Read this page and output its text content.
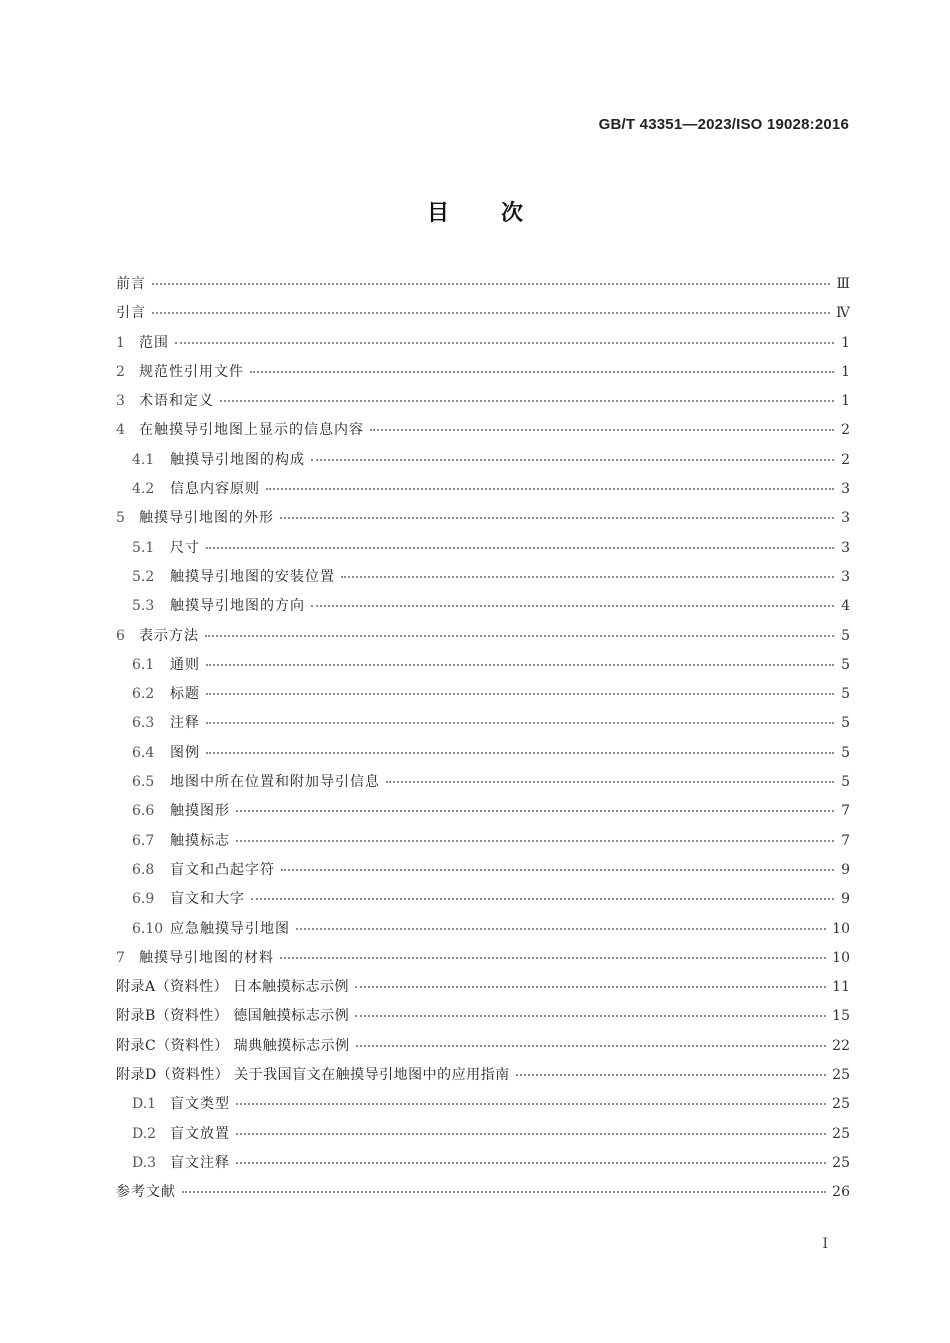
GB/T 43351—2023/ISO 19028:2016
目次
前言	Ⅲ
引言	Ⅳ
1	范围	1
2	规范性引用文件	1
3	术语和定义	1
4	在触摸导引地图上显示的信息内容	2
4.1	触摸导引地图的构成	2
4.2	信息内容原则	3
5	触摸导引地图的外形	3
5.1	尺寸	3
5.2	触摸导引地图的安装位置	3
5.3	触摸导引地图的方向	4
6	表示方法	5
6.1	通则	5
6.2	标题	5
6.3	注释	5
6.4	图例	5
6.5	地图中所在位置和附加导引信息	5
6.6	触摸图形	7
6.7	触摸标志	7
6.8	盲文和凸起字符	9
6.9	盲文和大字	9
6.10 应急触摸导引地图	10
7	触摸导引地图的材料	10
附录A（资料性） 日本触摸标志示例	11
附录B（资料性） 德国触摸标志示例	15
附录C（资料性） 瑞典触摸标志示例	22
附录D（资料性） 关于我国盲文在触摸导引地图中的应用指南	25
D.1 盲文类型	25
D.2 盲文放置	25
D.3 盲文注释	25
参考文献	26
I
